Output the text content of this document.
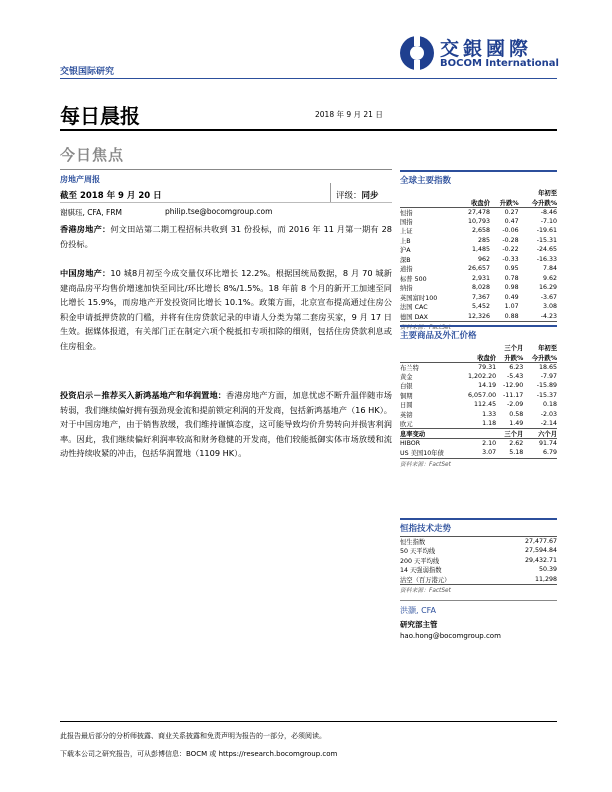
交银国际研究
交銀國際
BOCOM International
每日晨报	2018 年 9 月 21 日
今日焦点
房地产周报
截至 2018 年 9 月 20 日	评级：同步
谢骐珏, CFA, FRM	philip.tse@bocomgroup.com
香港房地产：何文田站第二期工程招标共收到 31 份投标，而 2016 年 11 月第一期有 28 份投标。
中国房地产：10 城8月初至今成交量仅环比增长 12.2%。根据国统局数据，8 月 70 城新建商品房平均售价增速加快至同比/环比增长 8%/1.5%。18 年前 8 个月的新开工加速至同比增长 15.9%，而房地产开发投资同比增长 10.1%。政策方面，北京宣布提高通过住房公积金申请抵押贷款的门槛，并将有住房贷款记录的申请人分类为第二套房买家，9 月 17 日生效。据媒体报道，有关部门正在制定六项个税抵扣专项扣除的细则，包括住房贷款利息或住房租金。
投资启示－推荐买入新鸿基地产和华润置地：香港房地产方面，加息忧虑不断升温伴随市场转弱，我们继续偏好拥有强劲现金流和提前锁定利润的开发商，包括新鸿基地产（16 HK）。对于中国房地产，由于销售放缓，我们维持谨慎态度，这可能导致均价升势转向并损害利润率。因此，我们继续偏好利润率较高和财务稳健的开发商，他们较能抵御实体市场放缓和流动性持续收紧的冲击，包括华润置地（1109 HK）。
全球主要指数
			年初至
	收盘价	升跌%	今升跌%
恒指	27,478	0.27	-8.46
国指	10,793	0.47	-7.10
上证	2,658	-0.06	-19.61
上B	285	-0.28	-15.31
沪A	1,485	-0.22	-24.65
深B	962	-0.33	-16.33
道指	26,657	0.95	7.84
标普 500	2,931	0.78	9.62
纳指	8,028	0.98	16.29
英国富时100	7,367	0.49	-3.67
法国 CAC	5,452	1.07	3.08
德国 DAX	12,326	0.88	-4.23
资料来源：FactSet
主要商品及外汇价格
		三个月	年初至
	收盘价	升跌%	今升跌%
布兰特	79.31	6.23	18.65
黄金	1,202.20	-5.43	-7.97
白银	14.19	-12.90	-15.89
铜期	6,057.00	-11.17	-15.37
日圆	112.45	-2.09	0.18
英镑	1.33	0.58	-2.03
欧元	1.18	1.49	-2.14
息率变动		三个月	六个月
HIBOR	2.10	2.62	91.74
US 美国10年债	3.07	5.18	6.79
资料来源：FactSet
恒指技术走势
恒生指数	27,477.67
50 天平均线	27,594.84
200 天平均线	29,432.71
14 天强弱指数	50.39
沽空（百万港元）	11,298
资料来源：FactSet
洪灏, CFA
研究部主管
hao.hong@bocomgroup.com
此报告最后部分的分析师披露、商业关系披露和免责声明为报告的一部分，必须阅读。
下载本公司之研究报告，可从彭博信息：BOCM 或 https://research.bocomgroup.com
